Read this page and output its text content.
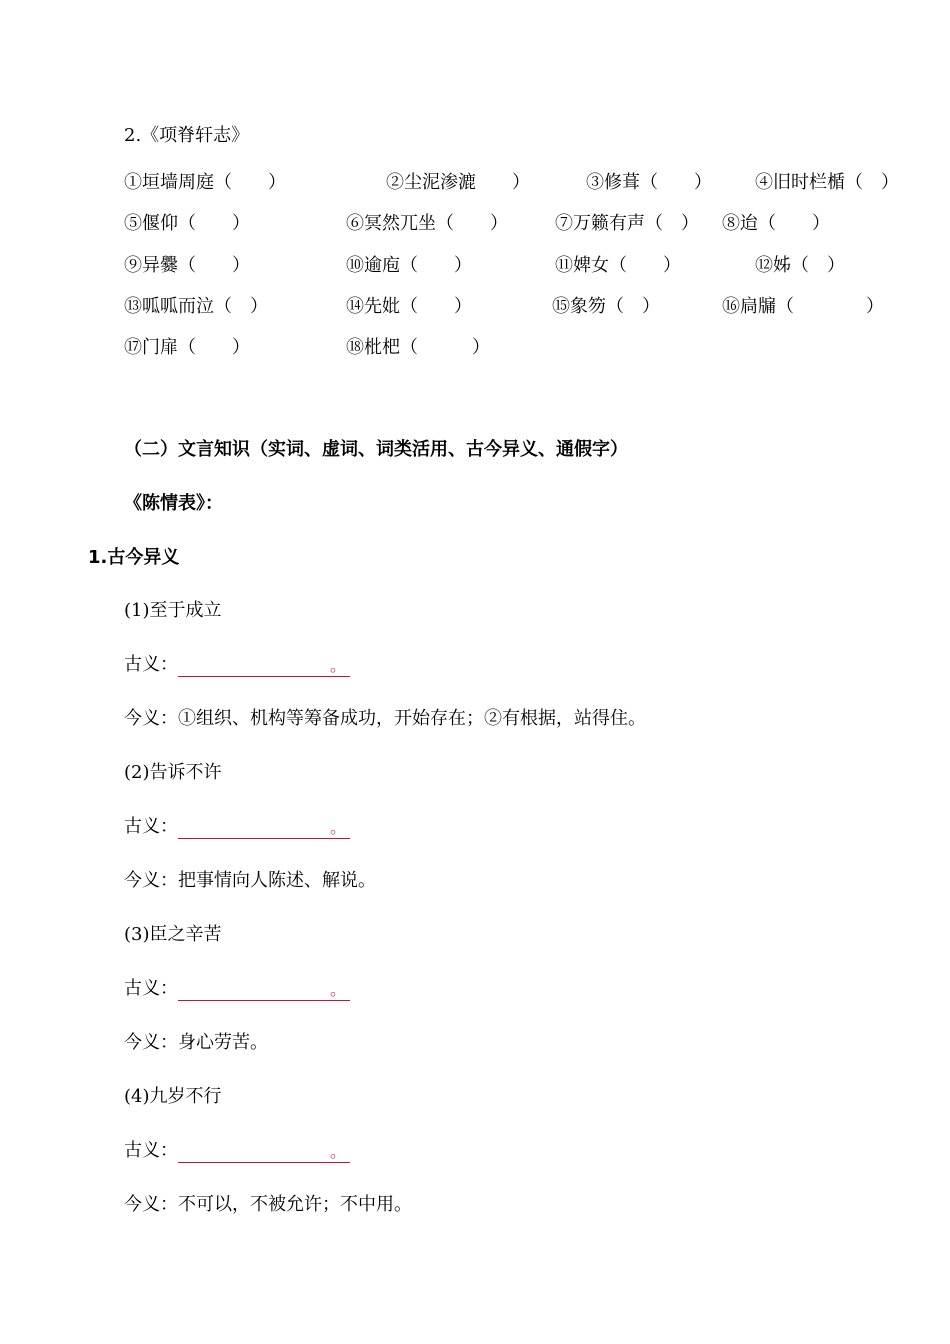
2.《项脊轩志》
①垣墙周庭（　　）	②尘泥渗漉　　）	③修葺（　　） ④旧时栏楯（　）
⑤偃仰（　　）	⑥冥然兀坐（　　）	⑦万籁有声（　） ⑧迨（　　）
⑨异爨（　　）	⑩逾庖（　　）	⑪婢女（　　）	⑫姊（　）
⑬呱呱而泣（　）	⑭先妣（　　）	⑮象笏（　）	⑯扃牖（　　　　）
⑰门扉（　　）	⑱枇杷（　　　）
（二）文言知识（实词、虚词、词类活用、古今异义、通假字）
《陈情表》：
1.古今异义
(1)至于成立
古义：	。
今义：①组织、机构等筹备成功，开始存在；②有根据，站得住。
(2)告诉不许
古义：	。
今义：把事情向人陈述、解说。
(3)臣之辛苦
古义：	。
今义：身心劳苦。
(4)九岁不行
古义：	。
今义：不可以，不被允许；不中用。
